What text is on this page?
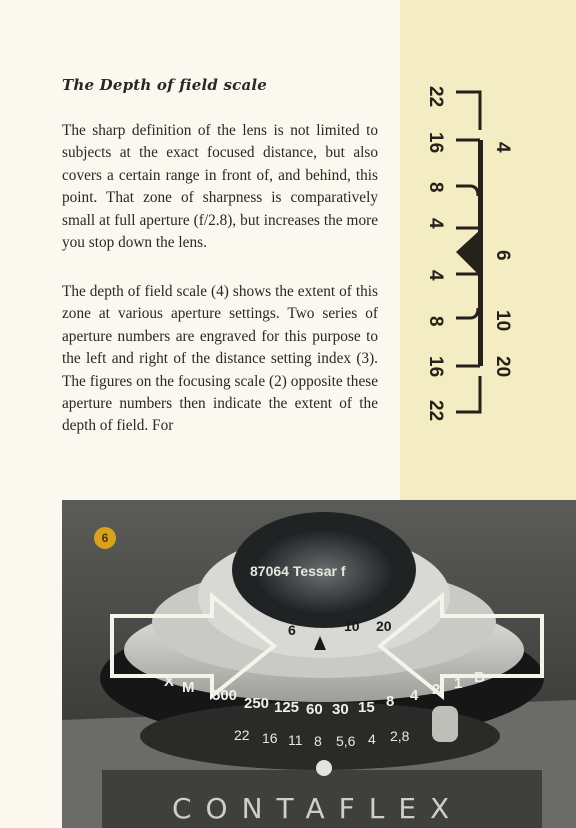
The Depth of field scale

The sharp definition of the lens is not limited to subjects at the exact focused distance, but also covers a certain range in front of, and behind, this point. That zone of sharpness is comparatively small at full aperture (f/2.8), but increases the more you stop down the lens.

The depth of field scale (4) shows the extent of this zone at various aperture settings. Two series of aperture numbers are engraved for this purpose to the left and right of the distance setting index (3). The figures on the focusing scale (2) opposite these aperture numbers then indicate the extent of the depth of field. For

22
16
8
4
4
8
16
22
4
6
10
20
87064 Tessar f
6	10 20
500 250 125 60 30 15 8 4 2 1 B
X M
22 16 11 8 5,6 4 2,8
CONTAFLEX
6
